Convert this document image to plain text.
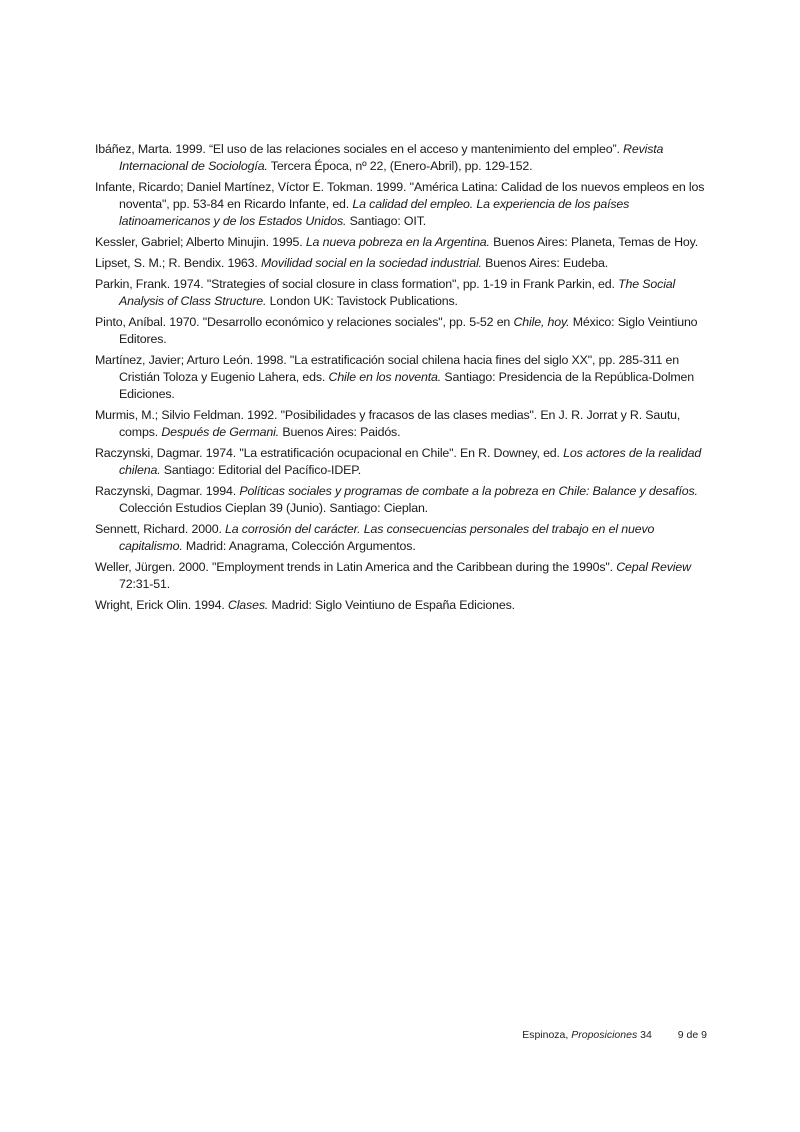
Ibáñez, Marta. 1999. “El uso de las relaciones sociales en el acceso y mantenimiento del empleo”. Revista Internacional de Sociología. Tercera Época, nº 22, (Enero-Abril), pp. 129-152.

Infante, Ricardo; Daniel Martínez, Víctor E. Tokman. 1999. "América Latina: Calidad de los nuevos empleos en los noventa", pp. 53-84 en Ricardo Infante, ed. La calidad del empleo. La experiencia de los países latinoamericanos y de los Estados Unidos. Santiago: OIT.

Kessler, Gabriel; Alberto Minujin. 1995. La nueva pobreza en la Argentina. Buenos Aires: Planeta, Temas de Hoy.

Lipset, S. M.; R. Bendix. 1963. Movilidad social en la sociedad industrial. Buenos Aires: Eudeba.

Parkin, Frank. 1974. "Strategies of social closure in class formation", pp. 1-19 in Frank Parkin, ed. The Social Analysis of Class Structure. London UK: Tavistock Publications.

Pinto, Aníbal. 1970. "Desarrollo económico y relaciones sociales", pp. 5-52 en Chile, hoy. México: Siglo Veintiuno Editores.

Martínez, Javier; Arturo León. 1998. "La estratificación social chilena hacia fines del siglo XX", pp. 285-311 en Cristián Toloza y Eugenio Lahera, eds. Chile en los noventa. Santiago: Presidencia de la República-Dolmen Ediciones.

Murmis, M.; Silvio Feldman. 1992. "Posibilidades y fracasos de las clases medias". En J. R. Jorrat y R. Sautu, comps. Después de Germani. Buenos Aires: Paidós.

Raczynski, Dagmar. 1974. "La estratificación ocupacional en Chile". En R. Downey, ed. Los actores de la realidad chilena. Santiago: Editorial del Pacífico-IDEP.

Raczynski, Dagmar. 1994. Políticas sociales y programas de combate a la pobreza en Chile: Balance y desafíos. Colección Estudios Cieplan 39 (Junio). Santiago: Cieplan.

Sennett, Richard. 2000. La corrosión del carácter. Las consecuencias personales del trabajo en el nuevo capitalismo. Madrid: Anagrama, Colección Argumentos.

Weller, Jürgen. 2000. "Employment trends in Latin America and the Caribbean during the 1990s". Cepal Review 72:31-51.

Wright, Erick Olin. 1994. Clases. Madrid: Siglo Veintiuno de España Ediciones.

Espinoza, Proposiciones 34 9 de 9
